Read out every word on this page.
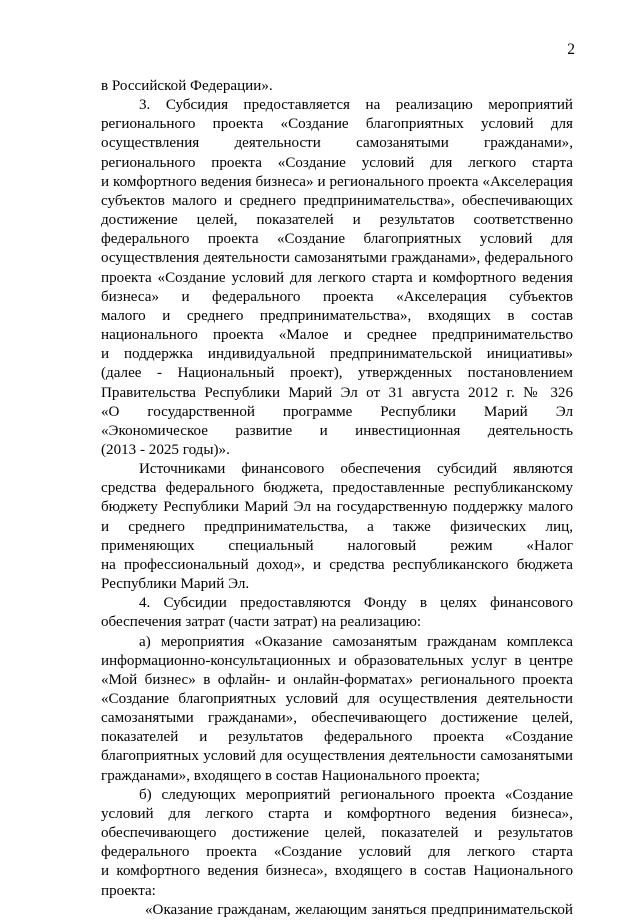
2
в Российской Федерации».
3. Субсидия предоставляется на реализацию мероприятий
регионального проекта «Создание благоприятных условий для
осуществления деятельности самозанятыми гражданами»,
регионального проекта «Создание условий для легкого старта
и комфортного ведения бизнеса» и регионального проекта «Акселерация
субъектов малого и среднего предпринимательства», обеспечивающих
достижение целей, показателей и результатов соответственно
федерального проекта «Создание благоприятных условий для
осуществления деятельности самозанятыми гражданами», федерального
проекта «Создание условий для легкого старта и комфортного ведения
бизнеса» и федерального проекта «Акселерация субъектов
малого и среднего предпринимательства», входящих в состав
национального проекта «Малое и среднее предпринимательство
и поддержка индивидуальной предпринимательской инициативы»
(далее - Национальный проект), утвержденных постановлением
Правительства Республики Марий Эл от 31 августа 2012 г. № 326
«О государственной программе Республики Марий Эл
«Экономическое развитие и инвестиционная деятельность
(2013 - 2025 годы)».
Источниками финансового обеспечения субсидий являются
средства федерального бюджета, предоставленные республиканскому
бюджету Республики Марий Эл на государственную поддержку малого
и среднего предпринимательства, а также физических лиц,
применяющих специальный налоговый режим «Налог
на профессиональный доход», и средства республиканского бюджета
Республики Марий Эл.
4. Субсидии предоставляются Фонду в целях финансового
обеспечения затрат (части затрат) на реализацию:
а) мероприятия «Оказание самозанятым гражданам комплекса
информационно-консультационных и образовательных услуг в центре
«Мой бизнес» в офлайн- и онлайн-форматах» регионального проекта
«Создание благоприятных условий для осуществления деятельности
самозанятыми гражданами», обеспечивающего достижение целей,
показателей и результатов федерального проекта «Создание
благоприятных условий для осуществления деятельности самозанятыми
гражданами», входящего в состав Национального проекта;
б) следующих мероприятий регионального проекта «Создание
условий для легкого старта и комфортного ведения бизнеса»,
обеспечивающего достижение целей, показателей и результатов
федерального проекта «Создание условий для легкого старта
и комфортного ведения бизнеса», входящего в состав Национального
проекта:
«Оказание гражданам, желающим заняться предпринимательской
